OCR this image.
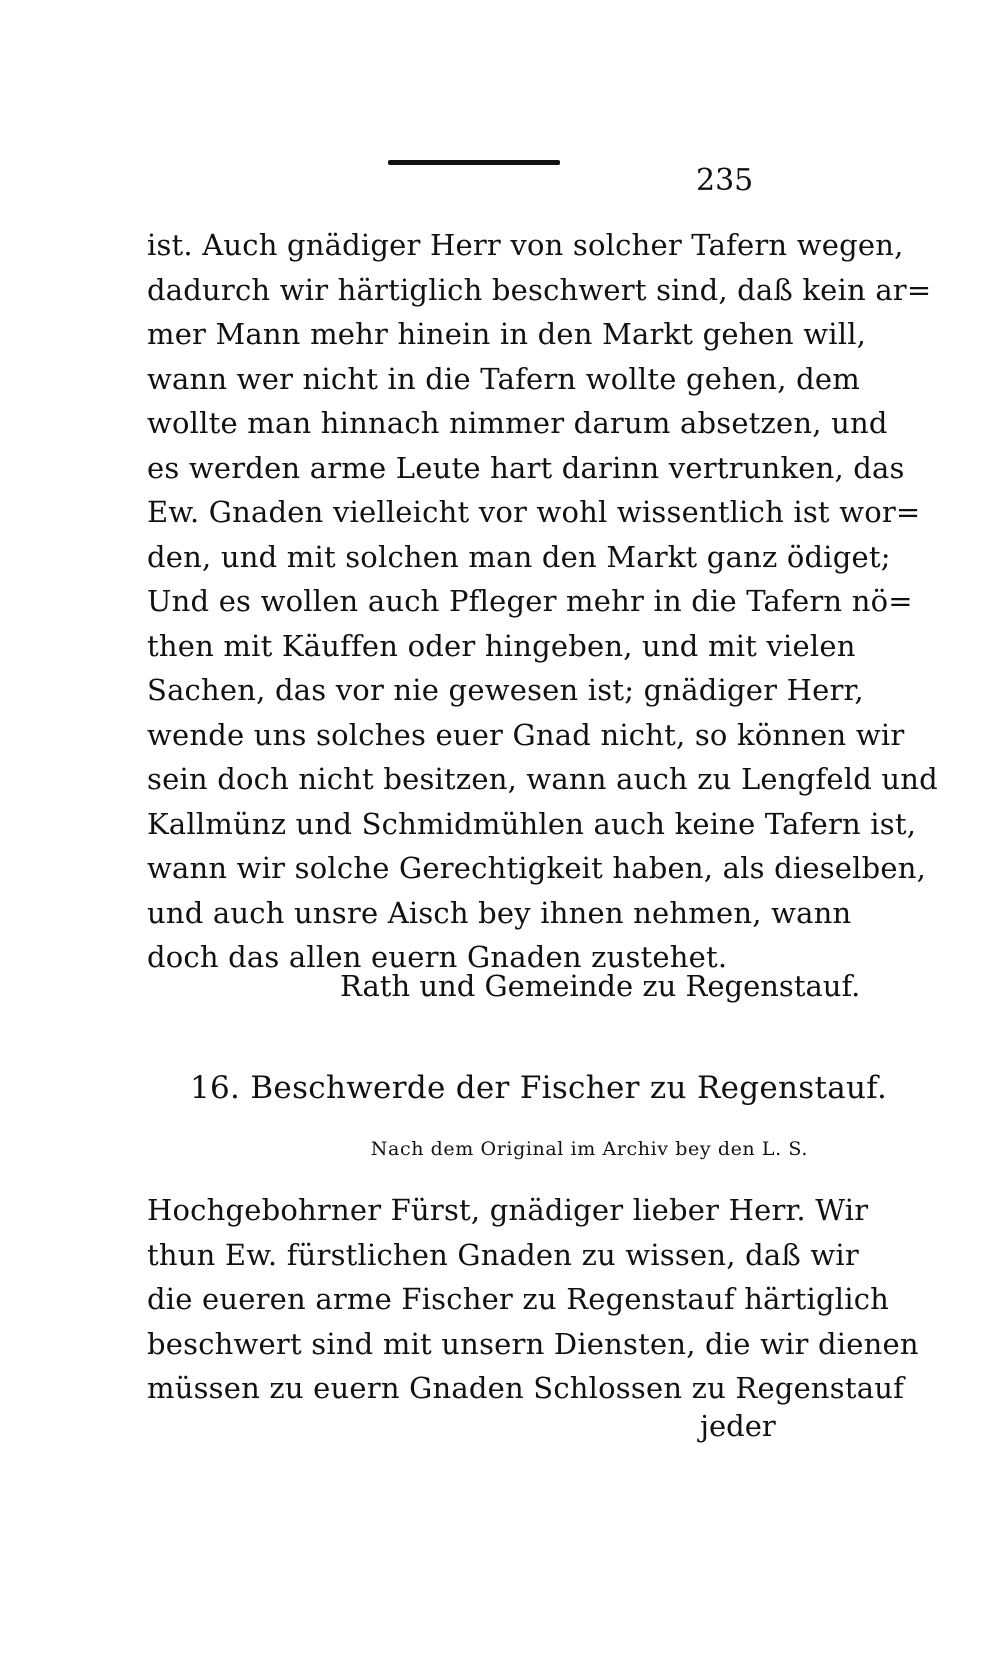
235
ist. Auch gnädiger Herr von solcher Tafern wegen,
dadurch wir härtiglich beschwert sind, daß kein ar=
mer Mann mehr hinein in den Markt gehen will,
wann wer nicht in die Tafern wollte gehen, dem
wollte man hinnach nimmer darum absetzen, und
es werden arme Leute hart darinn vertrunken, das
Ew. Gnaden vielleicht vor wohl wissentlich ist wor=
den, und mit solchen man den Markt ganz ödiget;
Und es wollen auch Pfleger mehr in die Tafern nö=
then mit Käuffen oder hingeben, und mit vielen
Sachen, das vor nie gewesen ist; gnädiger Herr,
wende uns solches euer Gnad nicht, so können wir
sein doch nicht besitzen, wann auch zu Lengfeld und
Kallmünz und Schmidmühlen auch keine Tafern ist,
wann wir solche Gerechtigkeit haben, als dieselben,
und auch unsre Aisch bey ihnen nehmen, wann
doch das allen euern Gnaden zustehet.
Rath und Gemeinde zu Regenstauf.
16. Beschwerde der Fischer zu Regenstauf.
Nach dem Original im Archiv bey den L. S.
Hochgebohrner Fürst, gnädiger lieber Herr. Wir
thun Ew. fürstlichen Gnaden zu wissen, daß wir
die eueren arme Fischer zu Regenstauf härtiglich
beschwert sind mit unsern Diensten, die wir dienen
müssen zu euern Gnaden Schlossen zu Regenstauf
jeder
